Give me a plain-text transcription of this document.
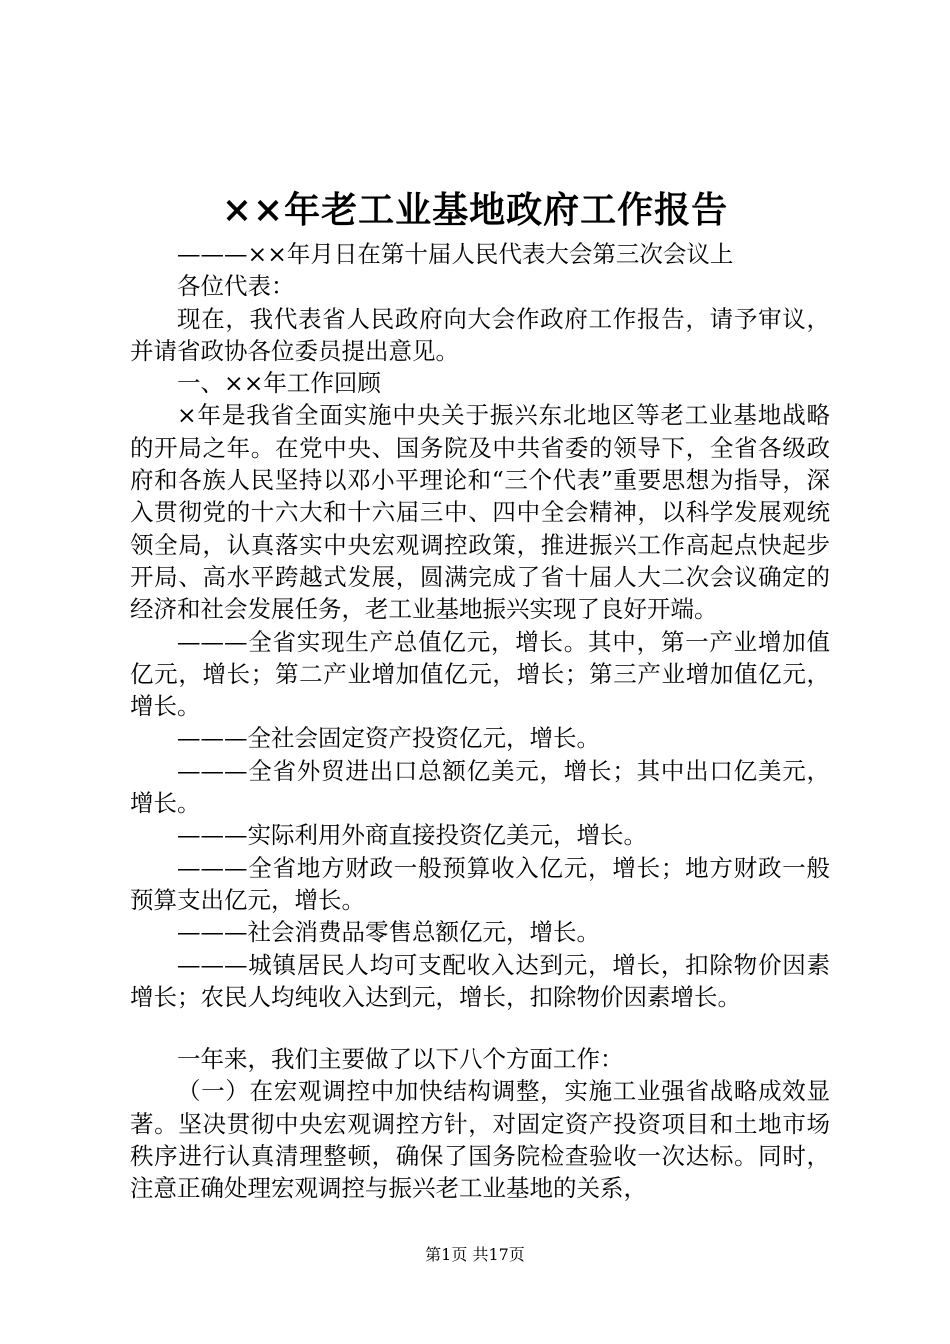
××年老工业基地政府工作报告

———××年月日在第十届人民代表大会第三次会议上

各位代表：

现在，我代表省人民政府向大会作政府工作报告，请予审议，并请省政协各位委员提出意见。

一、××年工作回顾

×年是我省全面实施中央关于振兴东北地区等老工业基地战略的开局之年。在党中央、国务院及中共省委的领导下，全省各级政府和各族人民坚持以邓小平理论和“三个代表”重要思想为指导，深入贯彻党的十六大和十六届三中、四中全会精神，以科学发展观统领全局，认真落实中央宏观调控政策，推进振兴工作高起点快起步开局、高水平跨越式发展，圆满完成了省十届人大二次会议确定的经济和社会发展任务，老工业基地振兴实现了良好开端。

———全省实现生产总值亿元，增长。其中，第一产业增加值亿元，增长；第二产业增加值亿元，增长；第三产业增加值亿元，增长。

———全社会固定资产投资亿元，增长。

———全省外贸进出口总额亿美元，增长；其中出口亿美元，增长。

———实际利用外商直接投资亿美元，增长。

———全省地方财政一般预算收入亿元，增长；地方财政一般预算支出亿元，增长。

———社会消费品零售总额亿元，增长。

———城镇居民人均可支配收入达到元，增长，扣除物价因素增长；农民人均纯收入达到元，增长，扣除物价因素增长。

一年来，我们主要做了以下八个方面工作：

（一）在宏观调控中加快结构调整，实施工业强省战略成效显著。坚决贯彻中央宏观调控方针，对固定资产投资项目和土地市场秩序进行认真清理整顿，确保了国务院检查验收一次达标。同时，注意正确处理宏观调控与振兴老工业基地的关系，

第1页 共17页
